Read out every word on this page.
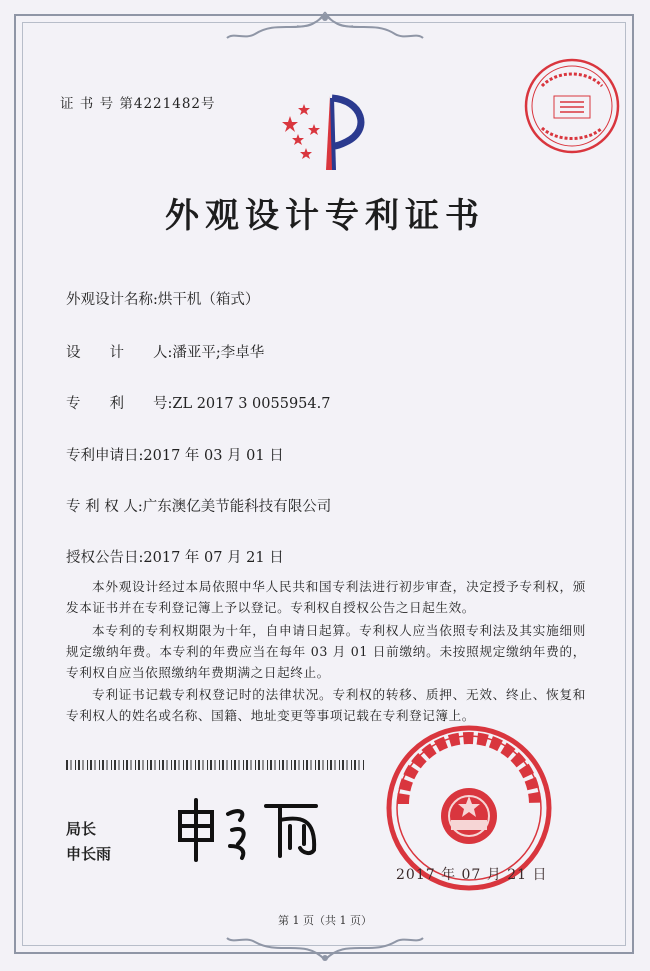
证 书 号 第4221482号
外观设计专利证书
外观设计名称:烘干机（箱式）
设　　计　　人:潘亚平;李卓华
专　　利　　号:ZL 2017 3 0055954.7
专利申请日:2017 年 03 月 01 日
专 利 权 人:广东澳亿美节能科技有限公司
授权公告日:2017 年 07 月 21 日
本外观设计经过本局依照中华人民共和国专利法进行初步审查，决定授予专利权，颁发本证书并在专利登记簿上予以登记。专利权自授权公告之日起生效。
本专利的专利权期限为十年，自申请日起算。专利权人应当依照专利法及其实施细则规定缴纳年费。本专利的年费应当在每年 03 月 01 日前缴纳。未按照规定缴纳年费的，专利权自应当依照缴纳年费期满之日起终止。
专利证书记载专利权登记时的法律状况。专利权的转移、质押、无效、终止、恢复和专利权人的姓名或名称、国籍、地址变更等事项记载在专利登记簿上。
局长
申长雨
2017 年 07 月 21 日
第 1 页（共 1 页）
